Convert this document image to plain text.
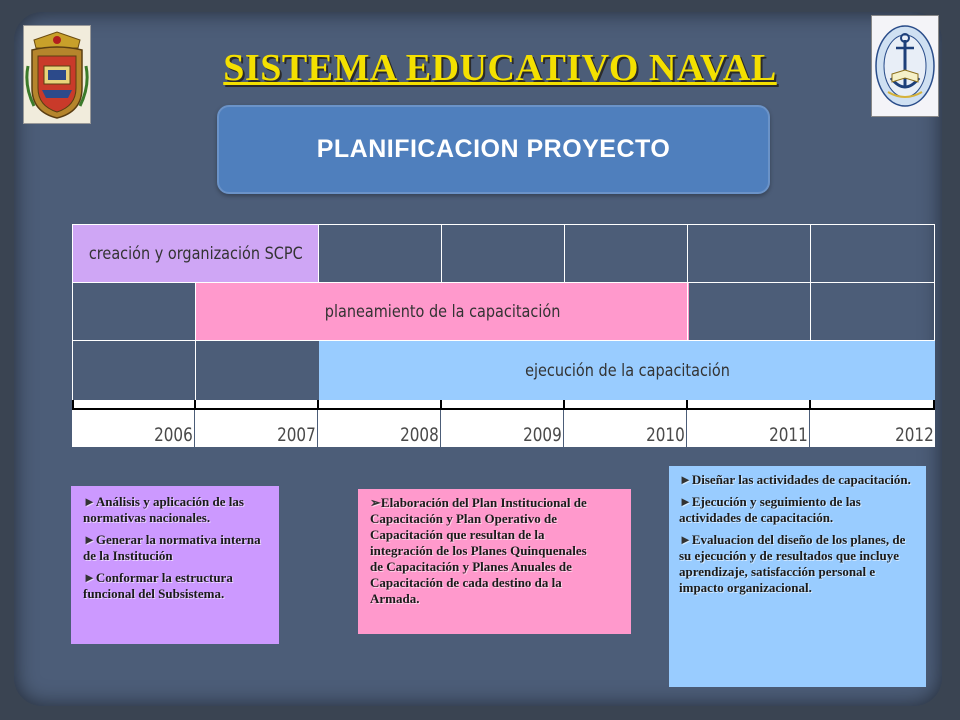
SISTEMA EDUCATIVO NAVAL
PLANIFICACION PROYECTO
creación y organización SCPC
planeamiento de la capacitación
ejecución de la capacitación
2006	2007	2008	2009	2010	2011	2012

►Análisis y aplicación de las normativas nacionales.

►Generar la normativa interna de la Institución

►Conformar la estructura funcional del Subsistema.

➢Elaboración del Plan Institucional de Capacitación y Plan Operativo de Capacitación que resultan de la integración de los Planes Quinquenales de Capacitación y Planes Anuales de Capacitación de cada destino da la Armada.

►Diseñar las actividades de capacitación.

►Ejecución y seguimiento de las actividades de capacitación.

►Evaluacion del diseño de los planes, de su ejecución y de resultados que incluye aprendizaje, satisfacción personal e impacto organizacional.
